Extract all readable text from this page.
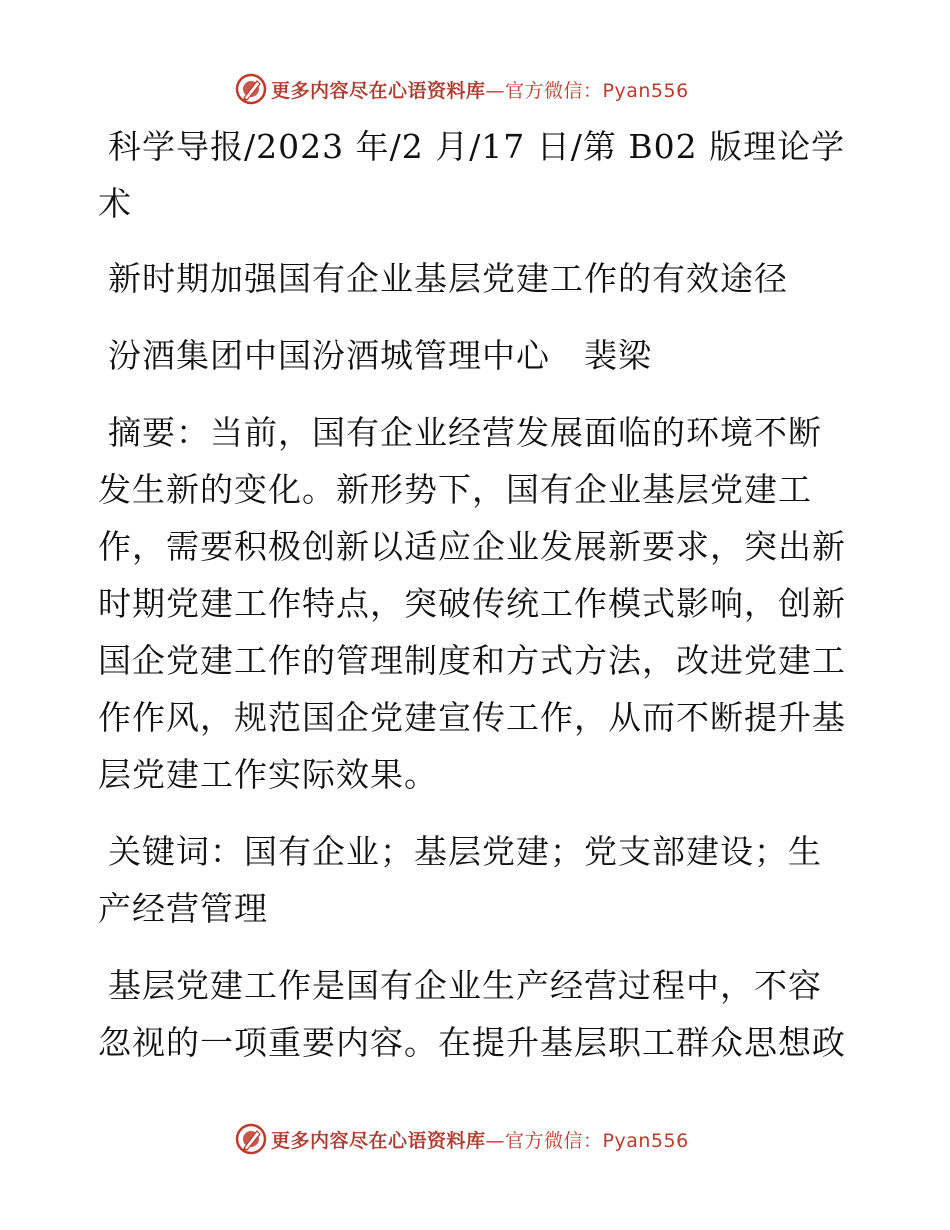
更多内容尽在心语资料库—官方微信：Pyan556

科学导报/2023 年/2 月/17 日/第 B02 版理论学术

新时期加强国有企业基层党建工作的有效途径

汾酒集团中国汾酒城管理中心　裴梁

摘要：当前，国有企业经营发展面临的环境不断发生新的变化。新形势下，国有企业基层党建工作，需要积极创新以适应企业发展新要求，突出新时期党建工作特点，突破传统工作模式影响，创新国企党建工作的管理制度和方式方法，改进党建工作作风，规范国企党建宣传工作，从而不断提升基层党建工作实际效果。

关键词：国有企业；基层党建；党支部建设；生产经营管理

基层党建工作是国有企业生产经营过程中，不容忽视的一项重要内容。在提升基层职工群众思想政

更多内容尽在心语资料库—官方微信：Pyan556
